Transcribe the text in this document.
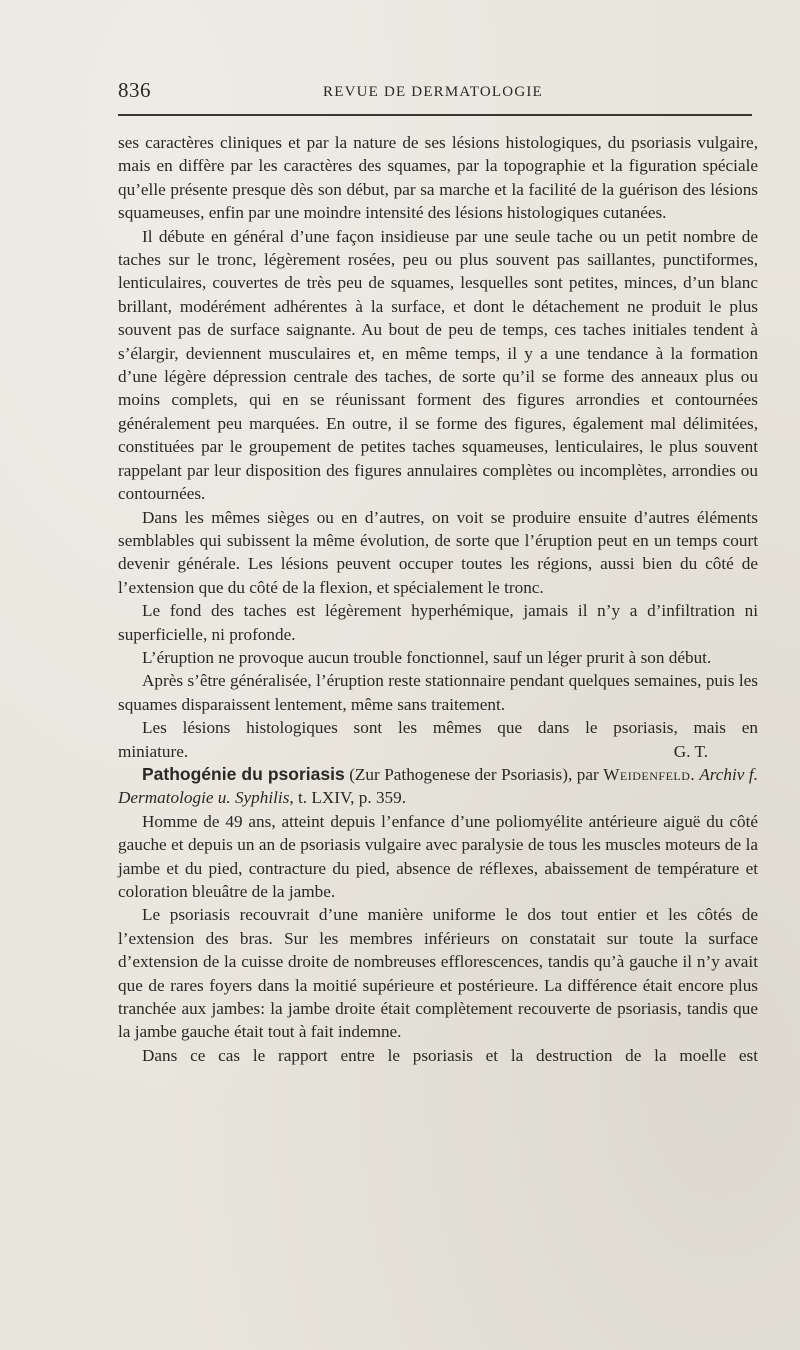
836	REVUE DE DERMATOLOGIE

ses caractères cliniques et par la nature de ses lésions histologiques, du psoriasis vulgaire, mais en diffère par les caractères des squames, par la topographie et la figuration spéciale qu’elle présente presque dès son début, par sa marche et la facilité de la guérison des lésions squameuses, enfin par une moindre intensité des lésions histologiques cutanées.

Il débute en général d’une façon insidieuse par une seule tache ou un petit nombre de taches sur le tronc, légèrement rosées, peu ou plus souvent pas saillantes, punctiformes, lenticulaires, couvertes de très peu de squames, lesquelles sont petites, minces, d’un blanc brillant, modérément adhérentes à la surface, et dont le détachement ne produit le plus souvent pas de surface saignante. Au bout de peu de temps, ces taches initiales tendent à s’élargir, deviennent musculaires et, en même temps, il y a une tendance à la formation d’une légère dépression centrale des taches, de sorte qu’il se forme des anneaux plus ou moins complets, qui en se réunissant forment des figures arrondies et contournées généralement peu marquées. En outre, il se forme des figures, également mal délimitées, constituées par le groupement de petites taches squameuses, lenticulaires, le plus souvent rappelant par leur disposition des figures annulaires complètes ou incomplètes, arrondies ou contournées.

Dans les mêmes sièges ou en d’autres, on voit se produire ensuite d’autres éléments semblables qui subissent la même évolution, de sorte que l’éruption peut en un temps court devenir générale. Les lésions peuvent occuper toutes les régions, aussi bien du côté de l’extension que du côté de la flexion, et spécialement le tronc.

Le fond des taches est légèrement hyperhémique, jamais il n’y a d’infiltration ni superficielle, ni profonde.

L’éruption ne provoque aucun trouble fonctionnel, sauf un léger prurit à son début.

Après s’être généralisée, l’éruption reste stationnaire pendant quelques semaines, puis les squames disparaissent lentement, même sans traitement.

Les lésions histologiques sont les mêmes que dans le psoriasis, mais en

miniature.	G. T.

Pathogénie du psoriasis (Zur Pathogenese der Psoriasis), par Weidenfeld. Archiv f. Dermatologie u. Syphilis, t. LXIV, p. 359.

Homme de 49 ans, atteint depuis l’enfance d’une poliomyélite antérieure aiguë du côté gauche et depuis un an de psoriasis vulgaire avec paralysie de tous les muscles moteurs de la jambe et du pied, contracture du pied, absence de réflexes, abaissement de température et coloration bleuâtre de la jambe.

Le psoriasis recouvrait d’une manière uniforme le dos tout entier et les côtés de l’extension des bras. Sur les membres inférieurs on constatait sur toute la surface d’extension de la cuisse droite de nombreuses efflorescences, tandis qu’à gauche il n’y avait que de rares foyers dans la moitié supérieure et postérieure. La différence était encore plus tranchée aux jambes: la jambe droite était complètement recouverte de psoriasis, tandis que la jambe gauche était tout à fait indemne.

Dans ce cas le rapport entre le psoriasis et la destruction de la moelle est
